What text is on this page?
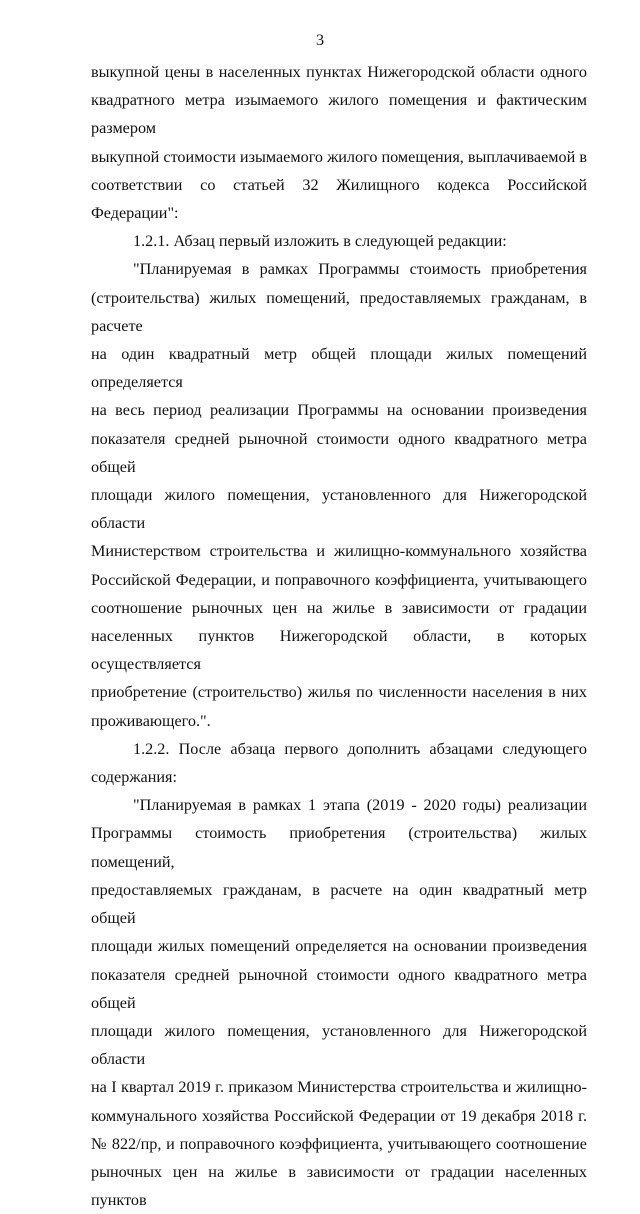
3
выкупной цены в населенных пунктах Нижегородской области одного
квадратного метра изымаемого жилого помещения и фактическим размером
выкупной стоимости изымаемого жилого помещения, выплачиваемой в
соответствии со статьей 32 Жилищного кодекса Российской Федерации":
1.2.1. Абзац первый изложить в следующей редакции:
"Планируемая в рамках Программы стоимость приобретения
(строительства) жилых помещений, предоставляемых гражданам, в расчете
на один квадратный метр общей площади жилых помещений определяется
на весь период реализации Программы на основании произведения
показателя средней рыночной стоимости одного квадратного метра общей
площади жилого помещения, установленного для Нижегородской области
Министерством строительства и жилищно-коммунального хозяйства
Российской Федерации, и поправочного коэффициента, учитывающего
соотношение рыночных цен на жилье в зависимости от градации
населенных пунктов Нижегородской области, в которых осуществляется
приобретение (строительство) жилья по численности населения в них
проживающего.".
1.2.2. После абзаца первого дополнить абзацами следующего
содержания:
"Планируемая в рамках 1 этапа (2019 - 2020 годы) реализации
Программы стоимость приобретения (строительства) жилых помещений,
предоставляемых гражданам, в расчете на один квадратный метр общей
площади жилых помещений определяется на основании произведения
показателя средней рыночной стоимости одного квадратного метра общей
площади жилого помещения, установленного для Нижегородской области
на I квартал 2019 г. приказом Министерства строительства и жилищно-
коммунального хозяйства Российской Федерации от 19 декабря 2018 г.
№ 822/пр, и поправочного коэффициента, учитывающего соотношение
рыночных цен на жилье в зависимости от градации населенных пунктов
